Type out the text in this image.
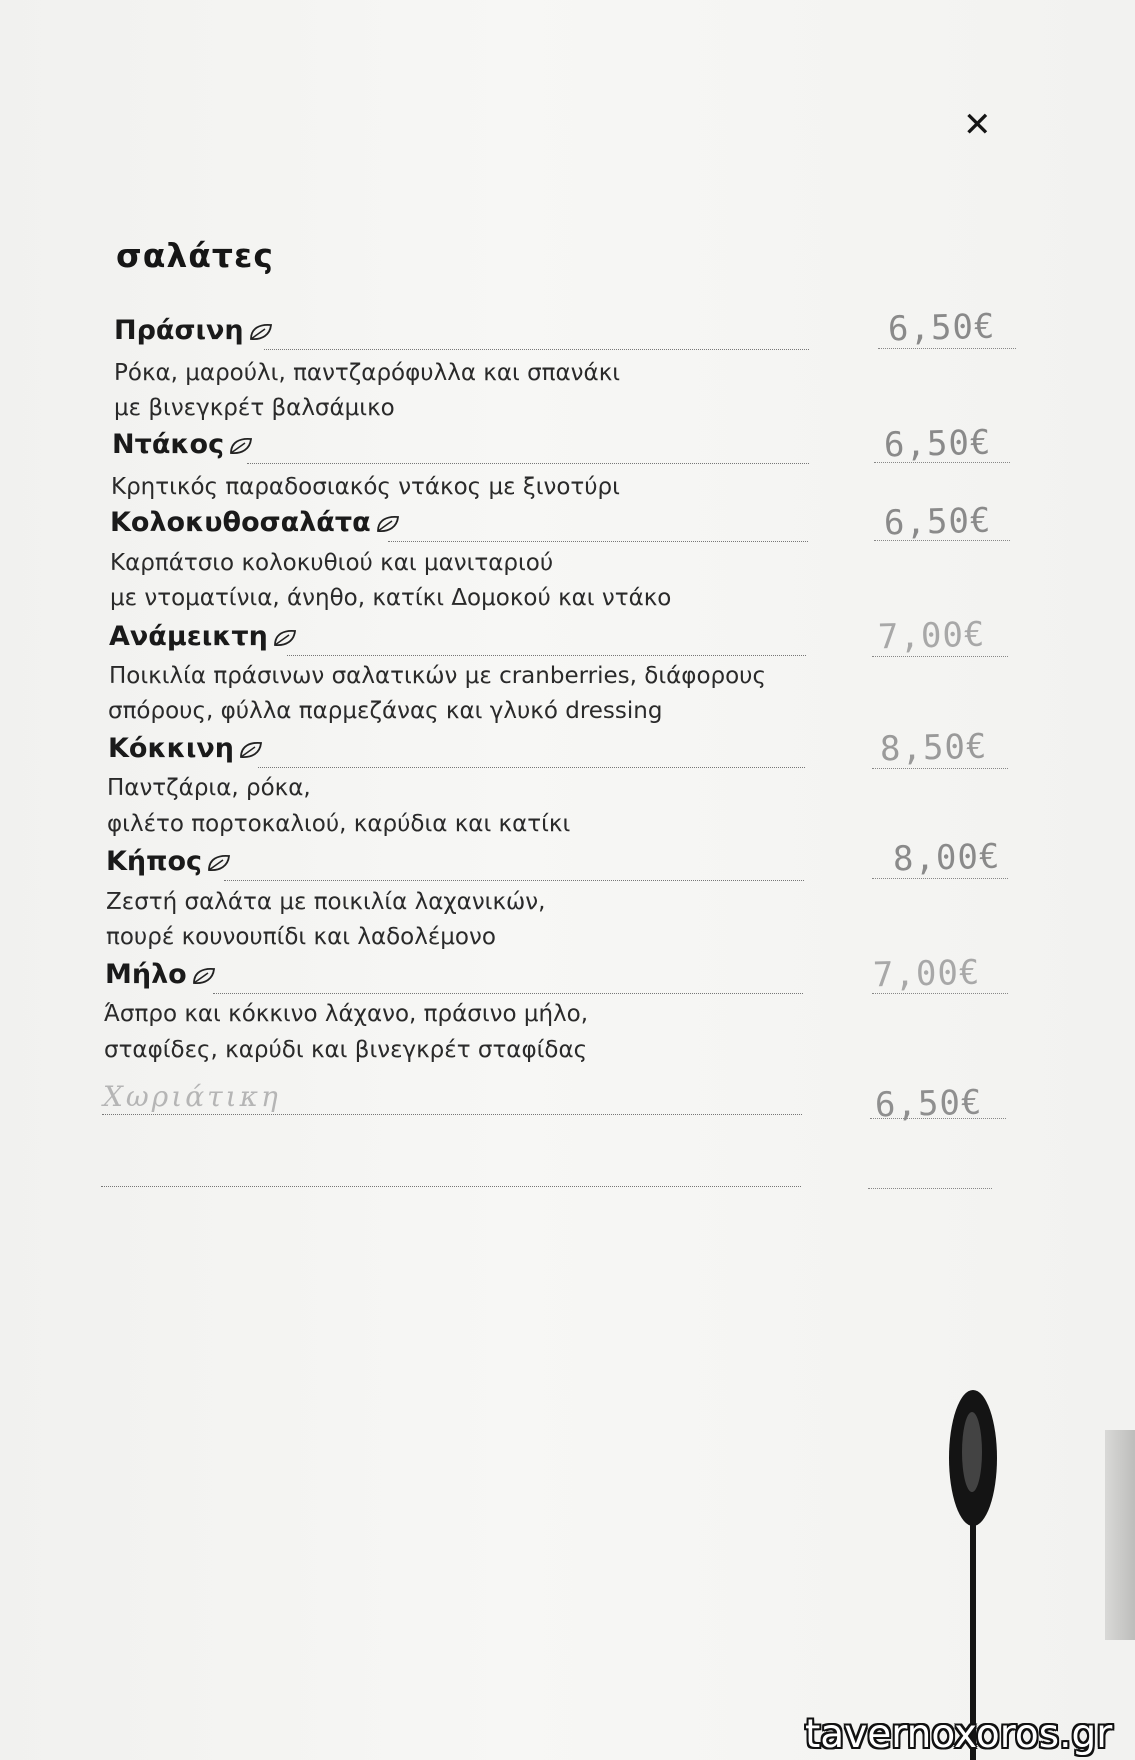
✕
σαλάτες
Πράσινη	6,50€
Ρόκα, μαρούλι, παντζαρόφυλλα και σπανάκι
με βινεγκρέτ βαλσάμικο
Ντάκος	6,50€
Κρητικός παραδοσιακός ντάκος με ξινοτύρι
Κολοκυθοσαλάτα	6,50€
Καρπάτσιο κολοκυθιού και μανιταριού
με ντοματίνια, άνηθο, κατίκι Δομοκού και ντάκο
Ανάμεικτη	7,00€
Ποικιλία πράσινων σαλατικών με cranberries, διάφορους
σπόρους, φύλλα παρμεζάνας και γλυκό dressing
Κόκκινη	8,50€
Παντζάρια, ρόκα,
φιλέτο πορτοκαλιού, καρύδια και κατίκι
Κήπος	8,00€
Ζεστή σαλάτα με ποικιλία λαχανικών,
πουρέ κουνουπίδι και λαδολέμονο
Μήλο	7,00€
Άσπρο και κόκκινο λάχανο, πράσινο μήλο,
σταφίδες, καρύδι και βινεγκρέτ σταφίδας
Χωριάτικη	6,50€
tavernoxoros.gr
